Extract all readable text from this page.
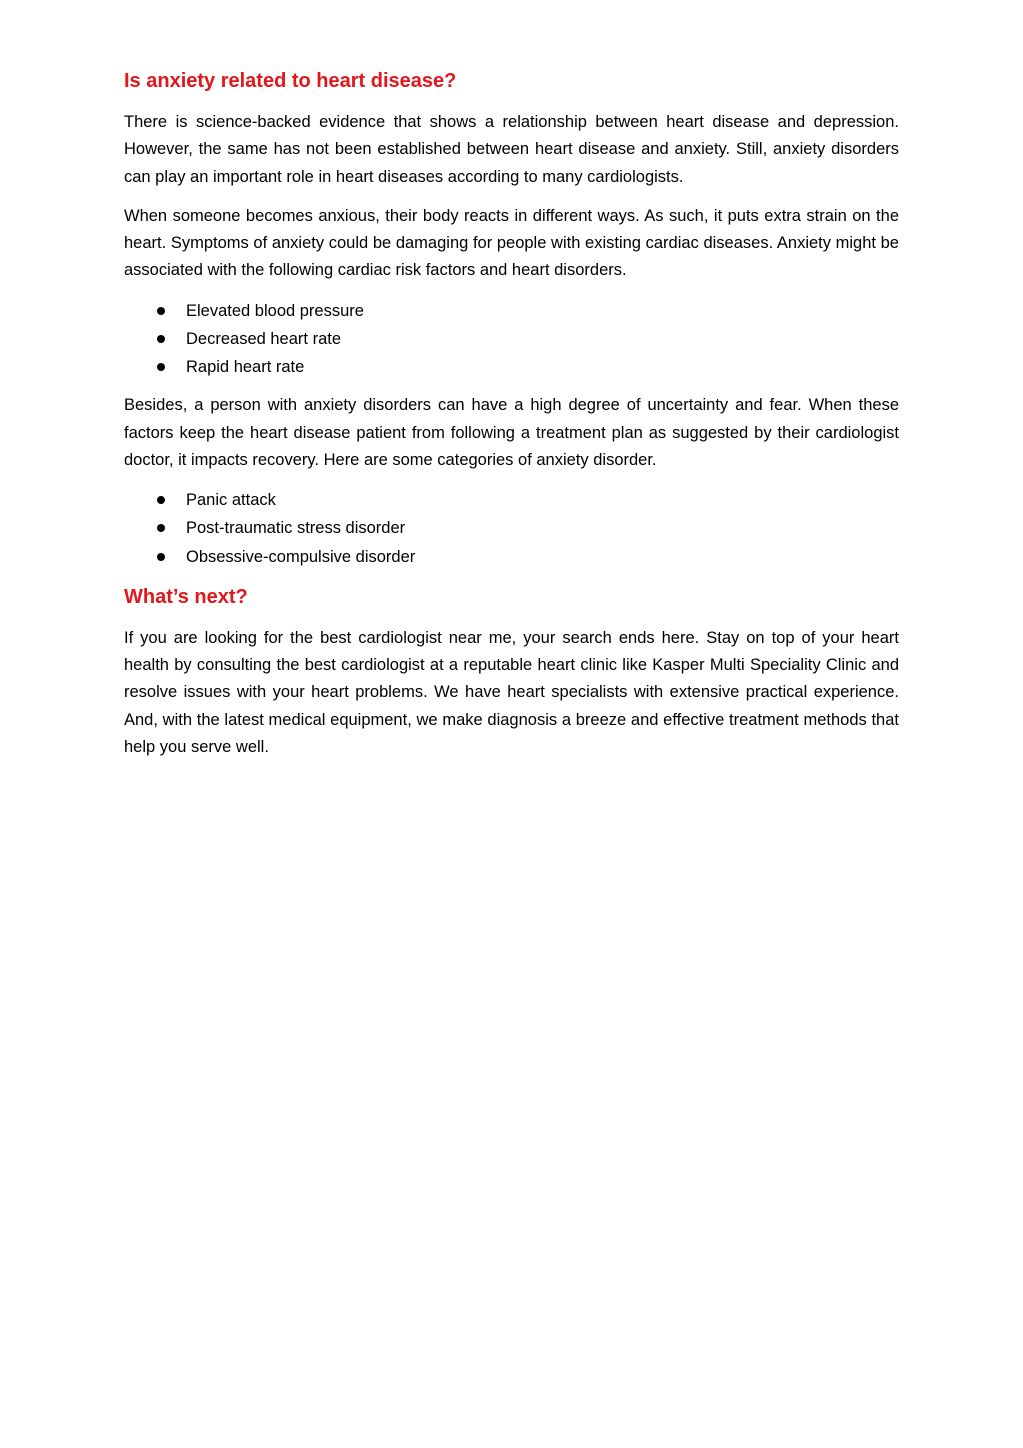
Is anxiety related to heart disease?

There is science-backed evidence that shows a relationship between heart disease and depression. However, the same has not been established between heart disease and anxiety. Still, anxiety disorders can play an important role in heart diseases according to many cardiologists.

When someone becomes anxious, their body reacts in different ways. As such, it puts extra strain on the heart. Symptoms of anxiety could be damaging for people with existing cardiac diseases. Anxiety might be associated with the following cardiac risk factors and heart disorders.

Elevated blood pressure
Decreased heart rate
Rapid heart rate

Besides, a person with anxiety disorders can have a high degree of uncertainty and fear. When these factors keep the heart disease patient from following a treatment plan as suggested by their cardiologist doctor, it impacts recovery. Here are some categories of anxiety disorder.

Panic attack
Post-traumatic stress disorder
Obsessive-compulsive disorder
What’s next?

If you are looking for the best cardiologist near me, your search ends here. Stay on top of your heart health by consulting the best cardiologist at a reputable heart clinic like Kasper Multi Speciality Clinic and resolve issues with your heart problems. We have heart specialists with extensive practical experience. And, with the latest medical equipment, we make diagnosis a breeze and effective treatment methods that help you serve well.
